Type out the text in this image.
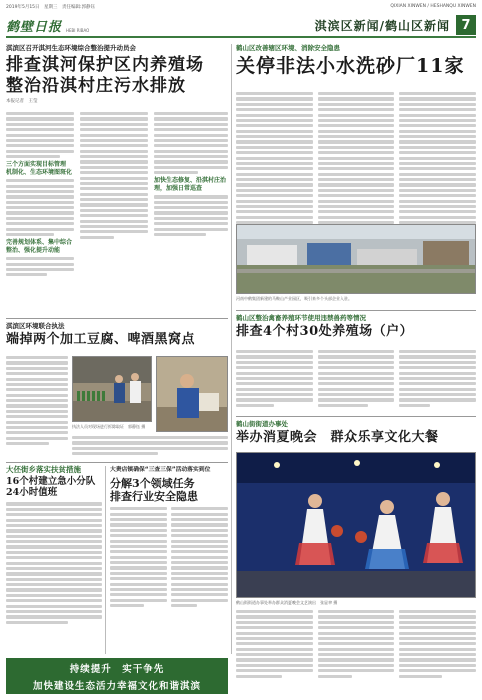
2019年5月15日　星期三　责任编辑:郭静钰	QIXIAN XINWEN / HESHANQU XINWEN
鹤壁日报 HEBI RIBAO	淇滨区新闻/鹤山区新闻 7
淇滨区召开淇河生态环境综合整治提升动员会
排查淇河保护区内养殖场
整治沿淇村庄污水排放
本报记者　王莹
三个方面实现目标管理　机制化、生态环境图斑化
完善规划体系、集中综合整治、强化提升动能
加快生态修复、沿淇村庄治理，加强日常巡查
淇滨区环境联合执法
端掉两个加工豆腐、啤酒黑窝点
执法人员对现场进行拆除取证　郭静钰 摄
大伾街乡落实扶贫措施
16个村建立急小分队
24小时值班
大赉店镇确保“三查三保”活动落实到位
分解3个领域任务
排查行业安全隐患
持续提升　实干争先
加快建设生态活力幸福文化和谐淇滨
鹤山区改善辖区环境、消除安全隐患
关停非法小水洗砂厂11家
河南中鹤集团新建的马鞍山产业园区，吸引来多个头部企业入驻。
鹤山区整治禽畜养殖环节使用违禁兽药等情况
排查4个村30处养殖场（户）
鹤山街街道办事处
举办消夏晚会　群众乐享文化大餐
鹤山街街道办事处举办群众消夏晚会文艺演出　张显聿 摄
